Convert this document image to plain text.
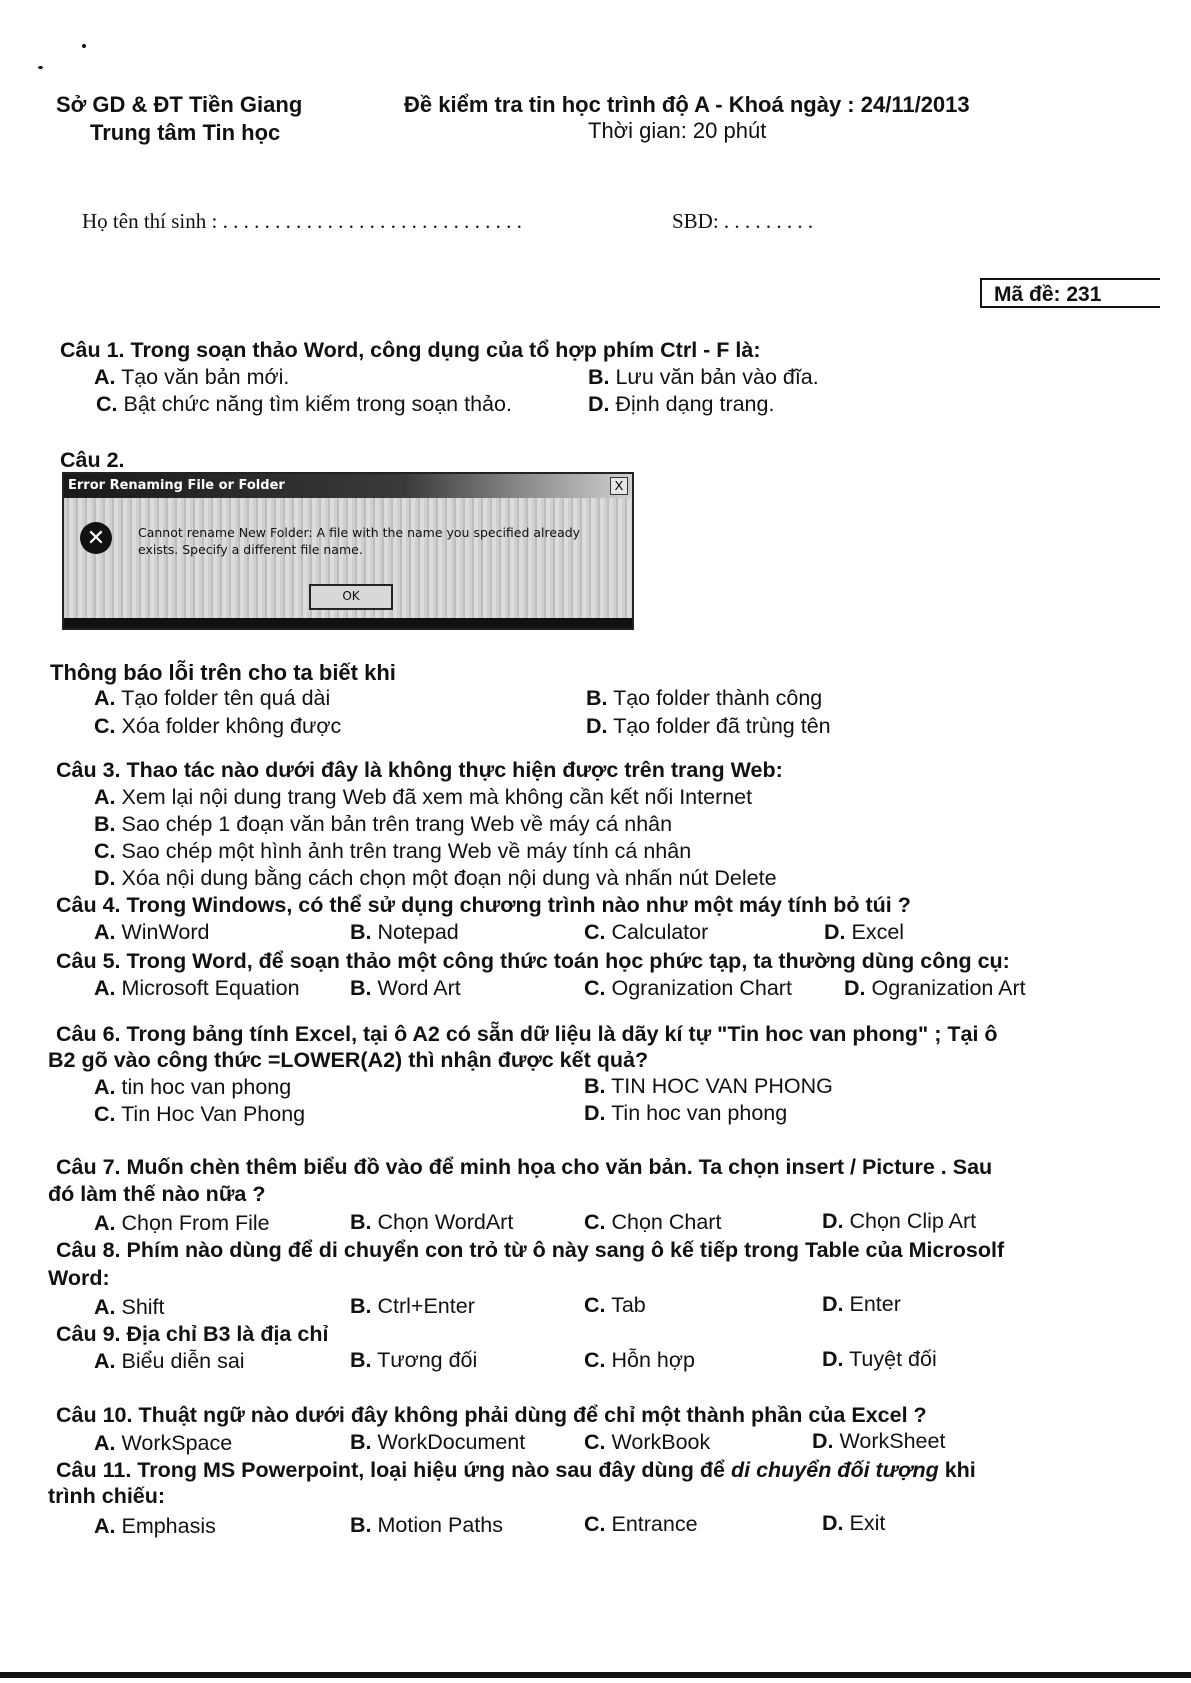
Sở GD & ĐT Tiền Giang
Trung tâm Tin học
Đề kiểm tra tin học trình độ A - Khoá ngày : 24/11/2013
Thời gian: 20 phút
Họ tên thí sinh : . . . . . . . . . . . . . . . . . . . . . . . . . . . . .	SBD: . . . . . . . . .
Mã đề: 231
Câu 1. Trong soạn thảo Word, công dụng của tổ hợp phím Ctrl - F là:
A. Tạo văn bản mới.	B. Lưu văn bản vào đĩa.
C. Bật chức năng tìm kiếm trong soạn thảo.	D. Định dạng trang.
Câu 2.
Error Renaming File or Folder	X
✕	Cannot rename New Folder: A file with the name you specified already exists. Specify a different file name.
OK
Thông báo lỗi trên cho ta biết khi
A. Tạo folder tên quá dài	B. Tạo folder thành công
C. Xóa folder không được	D. Tạo folder đã trùng tên
Câu 3. Thao tác nào dưới đây là không thực hiện được trên trang Web:
A. Xem lại nội dung trang Web đã xem mà không cần kết nối Internet
B. Sao chép 1 đoạn văn bản trên trang Web về máy cá nhân
C. Sao chép một hình ảnh trên trang Web về máy tính cá nhân
D. Xóa nội dung bằng cách chọn một đoạn nội dung và nhấn nút Delete
Câu 4. Trong Windows, có thể sử dụng chương trình nào như một máy tính bỏ túi ?
A. WinWord	B. Notepad	C. Calculator	D. Excel
Câu 5. Trong Word, để soạn thảo một công thức toán học phức tạp, ta thường dùng công cụ:
A. Microsoft Equation B. Word Art	C. Ogranization Chart D. Ogranization Art
Câu 6. Trong bảng tính Excel, tại ô A2 có sẵn dữ liệu là dãy kí tự "Tin hoc van phong" ; Tại ô
B2 gõ vào công thức =LOWER(A2) thì nhận được kết quả?
A. tin hoc van phong	B. TIN HOC VAN PHONG
C. Tin Hoc Van Phong	D. Tin hoc van phong
Câu 7. Muốn chèn thêm biểu đồ vào để minh họa cho văn bản. Ta chọn insert / Picture . Sau
đó làm thế nào nữa ?
A. Chọn From File	B. Chọn WordArt	C. Chọn Chart	D. Chọn Clip Art
Câu 8. Phím nào dùng để di chuyển con trỏ từ ô này sang ô kế tiếp trong Table của Microsolf
Word:
A. Shift	B. Ctrl+Enter	C. Tab	D. Enter
Câu 9. Địa chỉ B3 là địa chỉ
A. Biểu diễn sai	B. Tương đối	C. Hỗn hợp	D. Tuyệt đối
Câu 10. Thuật ngữ nào dưới đây không phải dùng để chỉ một thành phần của Excel ?
A. WorkSpace	B. WorkDocument	C. WorkBook	D. WorkSheet
Câu 11. Trong MS Powerpoint, loại hiệu ứng nào sau đây dùng để di chuyển đối tượng khi
trình chiếu:
A. Emphasis	B. Motion Paths	C. Entrance	D. Exit
